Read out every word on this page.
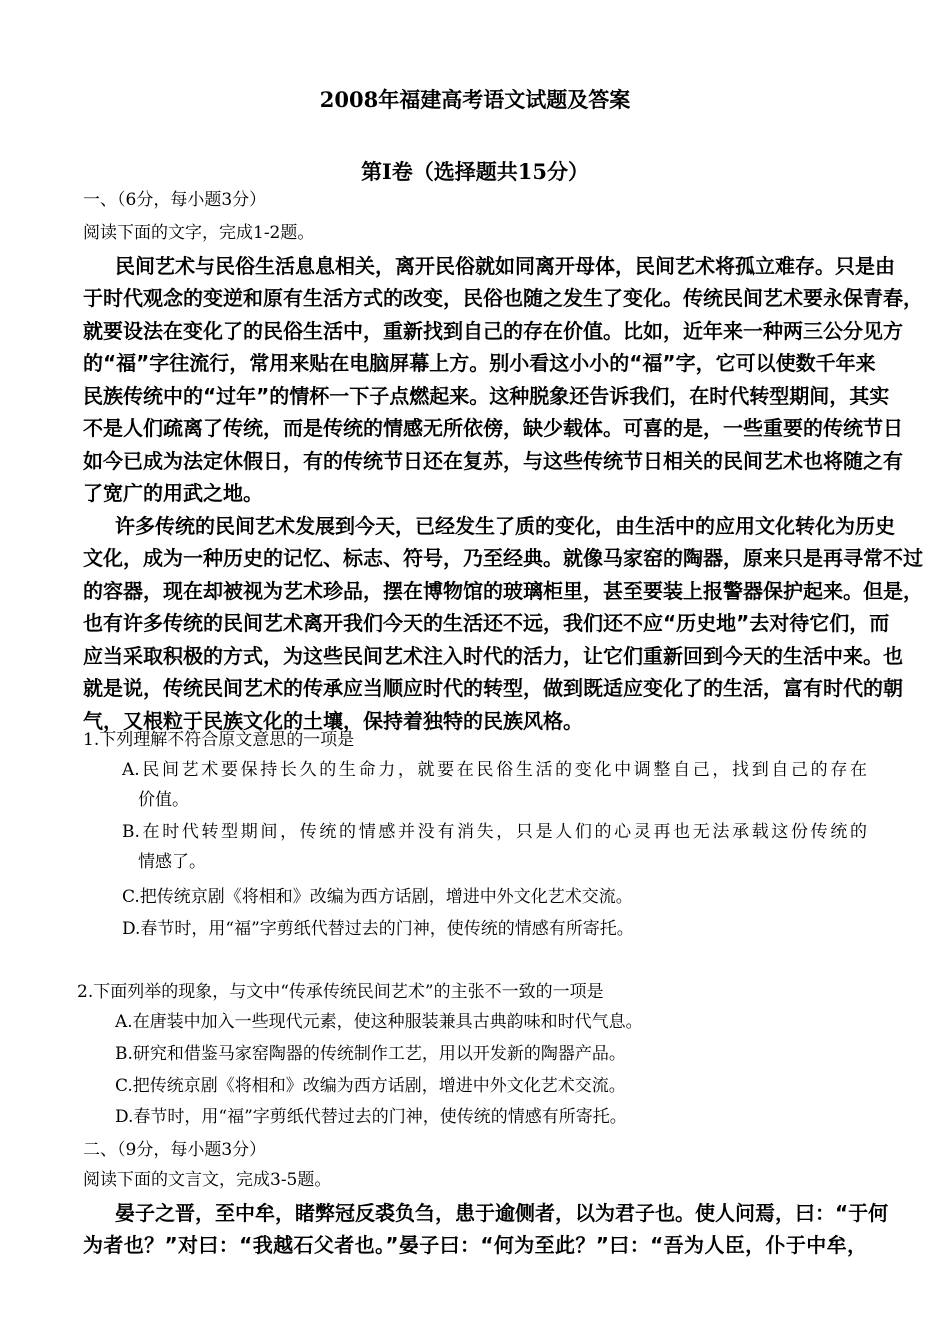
2008年福建高考语文试题及答案
第Ⅰ卷（选择题共15分）
一、（6分，每小题3分）
阅读下面的文字，完成1-2题。
民间艺术与民俗生活息息相关，离开民俗就如同离开母体，民间艺术将孤立难存。只是由
于时代观念的变逆和原有生活方式的改变，民俗也随之发生了变化。传统民间艺术要永保青春，
就要设法在变化了的民俗生活中，重新找到自己的存在价值。比如，近年来一种两三公分见方
的“福”字往流行，常用来贴在电脑屏幕上方。别小看这小小的“福”字，它可以使数千年来
民族传统中的“过年”的情杯一下子点燃起来。这种脱象还告诉我们，在时代转型期间，其实
不是人们疏离了传统，而是传统的情感无所依傍，缺少载体。可喜的是，一些重要的传统节日
如今已成为法定休假日，有的传统节日还在复苏，与这些传统节日相关的民间艺术也将随之有
了宽广的用武之地。
许多传统的民间艺术发展到今天，已经发生了质的变化，由生活中的应用文化转化为历史
文化，成为一种历史的记忆、标志、符号，乃至经典。就像马家窑的陶器，原来只是再寻常不过
的容器，现在却被视为艺术珍品，摆在博物馆的玻璃柜里，甚至要装上报警器保护起来。但是，
也有许多传统的民间艺术离开我们今天的生活还不远，我们还不应“历史地”去对待它们，而
应当采取积极的方式，为这些民间艺术注入时代的活力，让它们重新回到今天的生活中来。也
就是说，传统民间艺术的传承应当顺应时代的转型，做到既适应变化了的生活，富有时代的朝
气，又根粒于民族文化的土壤，保持着独特的民族风格。
1.下列理解不符合原文意思的一项是
A.民间艺术要保持长久的生命力，就要在民俗生活的变化中调整自己，找到自己的存在
价值。
B.在时代转型期间，传统的情感并没有消失，只是人们的心灵再也无法承载这份传统的
情感了。
C.把传统京剧《将相和》改编为西方话剧，增进中外文化艺术交流。
D.春节时，用“福”字剪纸代替过去的门神，使传统的情感有所寄托。
2.下面列举的现象，与文中“传承传统民间艺术”的主张不一致的一项是
A.在唐装中加入一些现代元素，使这种服装兼具古典韵味和时代气息。
B.研究和借鉴马家窑陶器的传统制作工艺，用以开发新的陶器产品。
C.把传统京剧《将相和》改编为西方话剧，增进中外文化艺术交流。
D.春节时，用“福”字剪纸代替过去的门神，使传统的情感有所寄托。
二、（9分，每小题3分）
阅读下面的文言文，完成3-5题。
晏子之晋，至中牟，睹弊冠反裘负刍，患于逾侧者，以为君子也。使人问焉，曰：“于何
为者也？”对曰：“我越石父者也。”晏子曰：“何为至此？”曰：“吾为人臣，仆于中牟，
